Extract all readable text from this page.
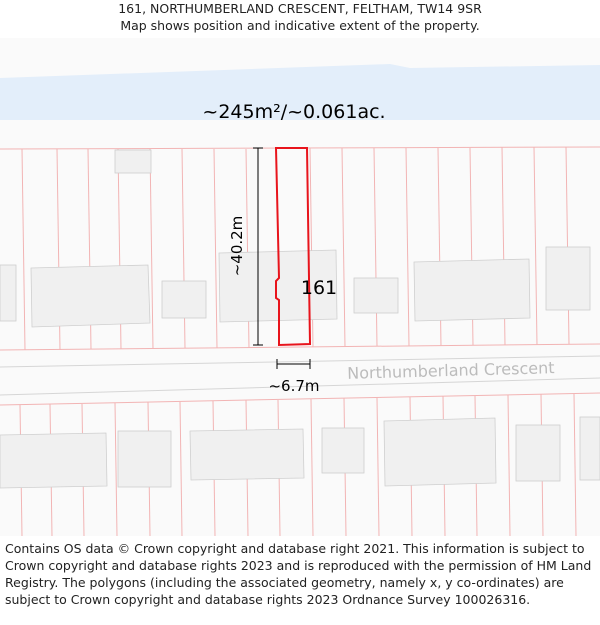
161, NORTHUMBERLAND CRESCENT, FELTHAM, TW14 9SR
Map shows position and indicative extent of the property.
Northumberland Crescent
~245m²/~0.061ac.
~40.2m
~6.7m
161
Contains OS data © Crown copyright and database right 2021. This information is subject to Crown copyright and database rights 2023 and is reproduced with the permission of HM Land Registry. The polygons (including the associated geometry, namely x, y co-ordinates) are subject to Crown copyright and database rights 2023 Ordnance Survey 100026316.
